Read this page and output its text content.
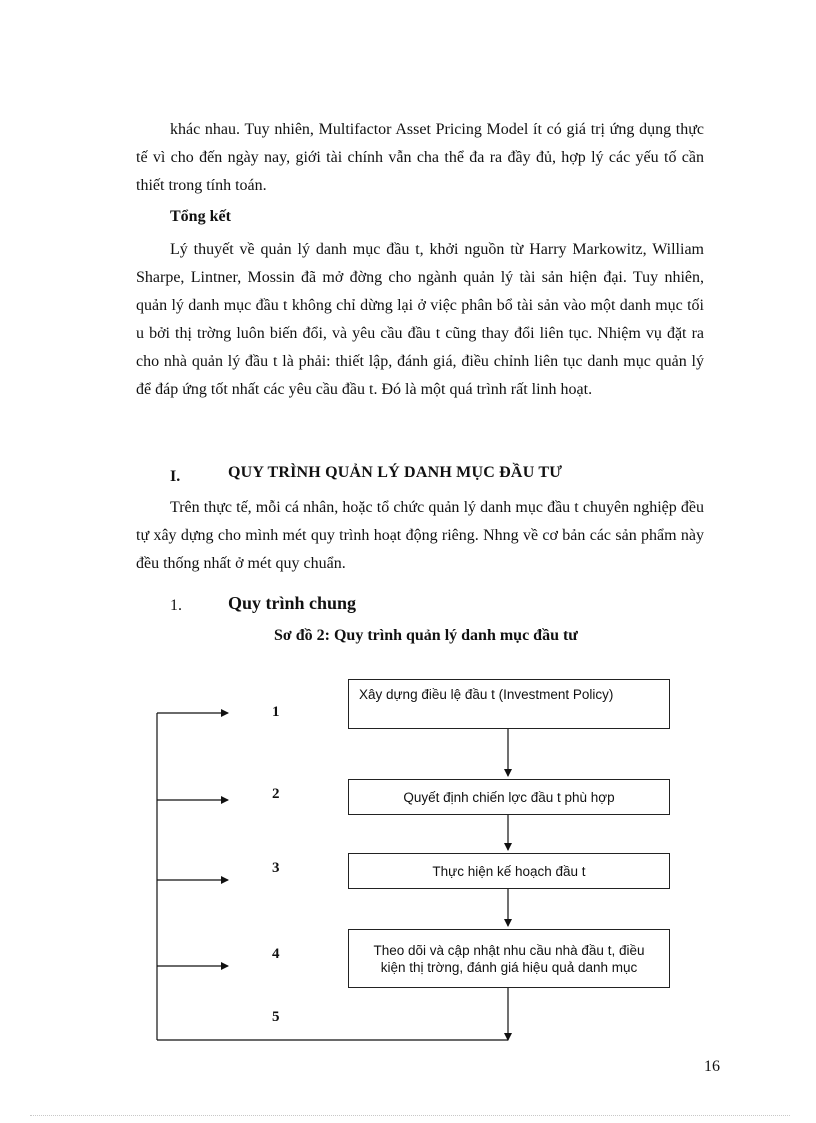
khác nhau. Tuy nhiên, Multifactor Asset Pricing Model ít có giá trị ứng dụng thực tế vì cho đến ngày nay, giới tài chính vẫn cha thể đa ra đầy đủ, hợp lý các yếu tố cần thiết trong tính toán.

Tổng kết

Lý thuyết về quản lý danh mục đầu t, khởi nguồn từ Harry Markowitz, William Sharpe, Lintner, Mossin đã mở đờng cho ngành quản lý tài sản hiện đại. Tuy nhiên, quản lý danh mục đầu t không chỉ dừng lại ở việc phân bổ tài sản vào một danh mục tối u bởi thị trờng luôn biến đổi, và yêu cầu đầu t cũng thay đổi liên tục. Nhiệm vụ đặt ra cho nhà quản lý đầu t là phải: thiết lập, đánh giá, điều chỉnh liên tục danh mục quản lý để đáp ứng tốt nhất các yêu cầu đầu t. Đó là một quá trình rất linh hoạt.

I.	QUY TRÌNH QUẢN LÝ DANH MỤC ĐẦU TƯ

Trên thực tế, mỗi cá nhân, hoặc tổ chức quản lý danh mục đầu t chuyên nghiệp đều tự xây dựng cho mình mét quy trình hoạt động riêng. Nhng về cơ bản các sản phẩm này đều thống nhất ở mét quy chuẩn.

1.	Quy trình chung
Sơ đồ 2: Quy trình quản lý danh mục đầu tư
1
2
3
4
5
Xây dựng điều lệ đầu t (Investment Policy)
Quyết định chiến lợc đầu t phù hợp
Thực hiện kế hoạch đầu t
Theo dõi và cập nhật nhu cầu nhà đầu t, điều kiện thị trờng, đánh giá hiệu quả danh mục
16
